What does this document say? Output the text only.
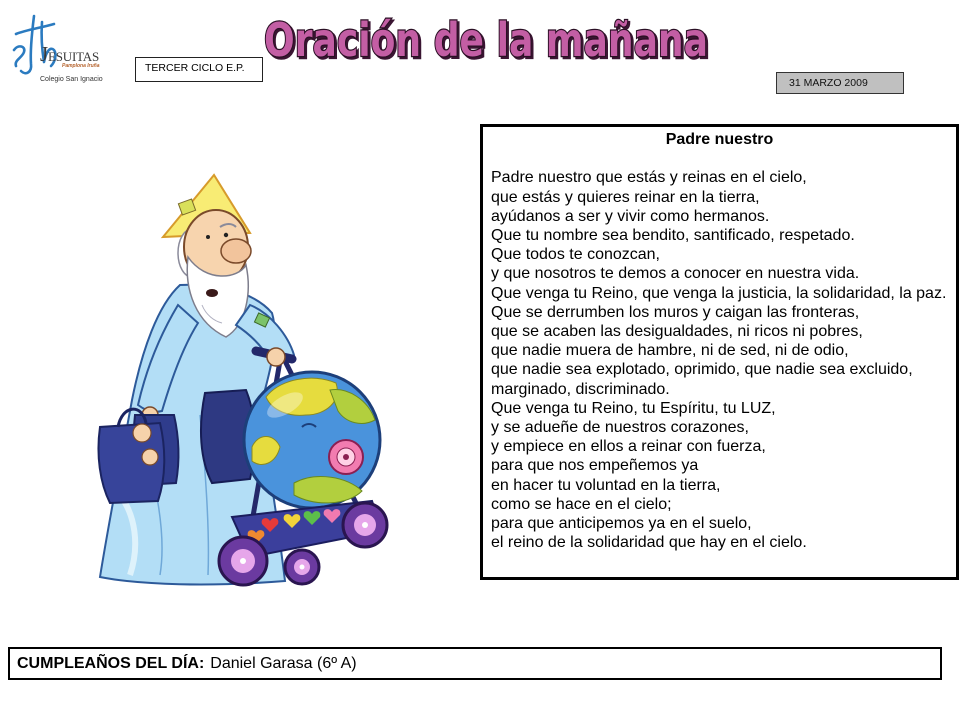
JESUITAS
Pamplona Iruña
Colegio San Ignacio
TERCER CICLO E.P.
Oración de la mañana
31 MARZO 2009
Padre nuestro
Padre nuestro que estás y reinas en el cielo,
que estás y quieres reinar en la tierra,
ayúdanos a ser y vivir como hermanos.
Que tu nombre sea bendito, santificado, respetado.
Que todos te conozcan,
y que nosotros te demos a conocer en nuestra vida.
Que venga tu Reino, que venga la justicia, la solidaridad, la paz.
Que se derrumben los muros y caigan las fronteras,
que se acaben las desigualdades, ni ricos ni pobres,
que nadie muera de hambre, ni de sed, ni de odio,
que nadie sea explotado, oprimido, que nadie sea excluido,
marginado, discriminado.
Que venga tu Reino, tu Espíritu, tu LUZ,
y se adueñe de nuestros corazones,
y empiece en ellos a reinar con fuerza,
para que nos empeñemos ya
en hacer tu voluntad en la tierra,
como se hace en el cielo;
para que anticipemos ya en el suelo,
el reino de la solidaridad que hay en el cielo.
CUMPLEAÑOS DEL DÍA: Daniel Garasa (6º A)
